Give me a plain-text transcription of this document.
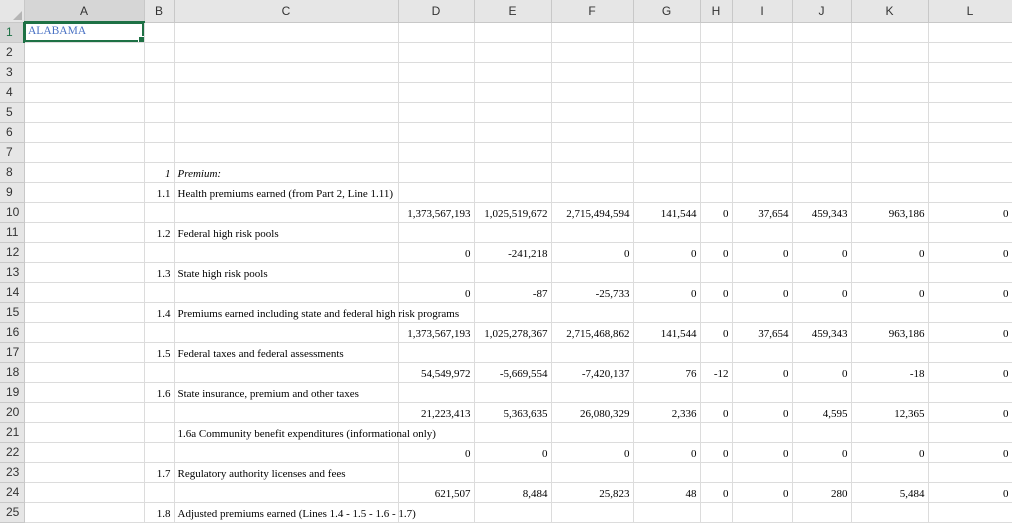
	A	B	C	D	E	F	G	H	I	J	K	L
1	ALABAMA

2												
3												
4												
5												
6												
7												
8		1	Premium:									
9		1.1	Health premiums earned (from Part 2, Line 1.11)									
10				1,373,567,193	1,025,519,672	2,715,494,594	141,544	0	37,654	459,343	963,186	0
11		1.2	Federal high risk pools									
12				0	-241,218	0	0	0	0	0	0	0
13		1.3	State high risk pools									
14				0	-87	-25,733	0	0	0	0	0	0
15		1.4	Premiums earned including state and federal high risk programs									
16				1,373,567,193	1,025,278,367	2,715,468,862	141,544	0	37,654	459,343	963,186	0
17		1.5	Federal taxes and federal assessments									
18				54,549,972	-5,669,554	-7,420,137	76	-12	0	0	-18	0
19		1.6	State insurance, premium and other taxes									
20				21,223,413	5,363,635	26,080,329	2,336	0	0	4,595	12,365	0
21			1.6a Community benefit expenditures (informational only)									
22				0	0	0	0	0	0	0	0	0
23		1.7	Regulatory authority licenses and fees									
24				621,507	8,484	25,823	48	0	0	280	5,484	0
25		1.8	Adjusted premiums earned (Lines 1.4 - 1.5 - 1.6 - 1.7)									
